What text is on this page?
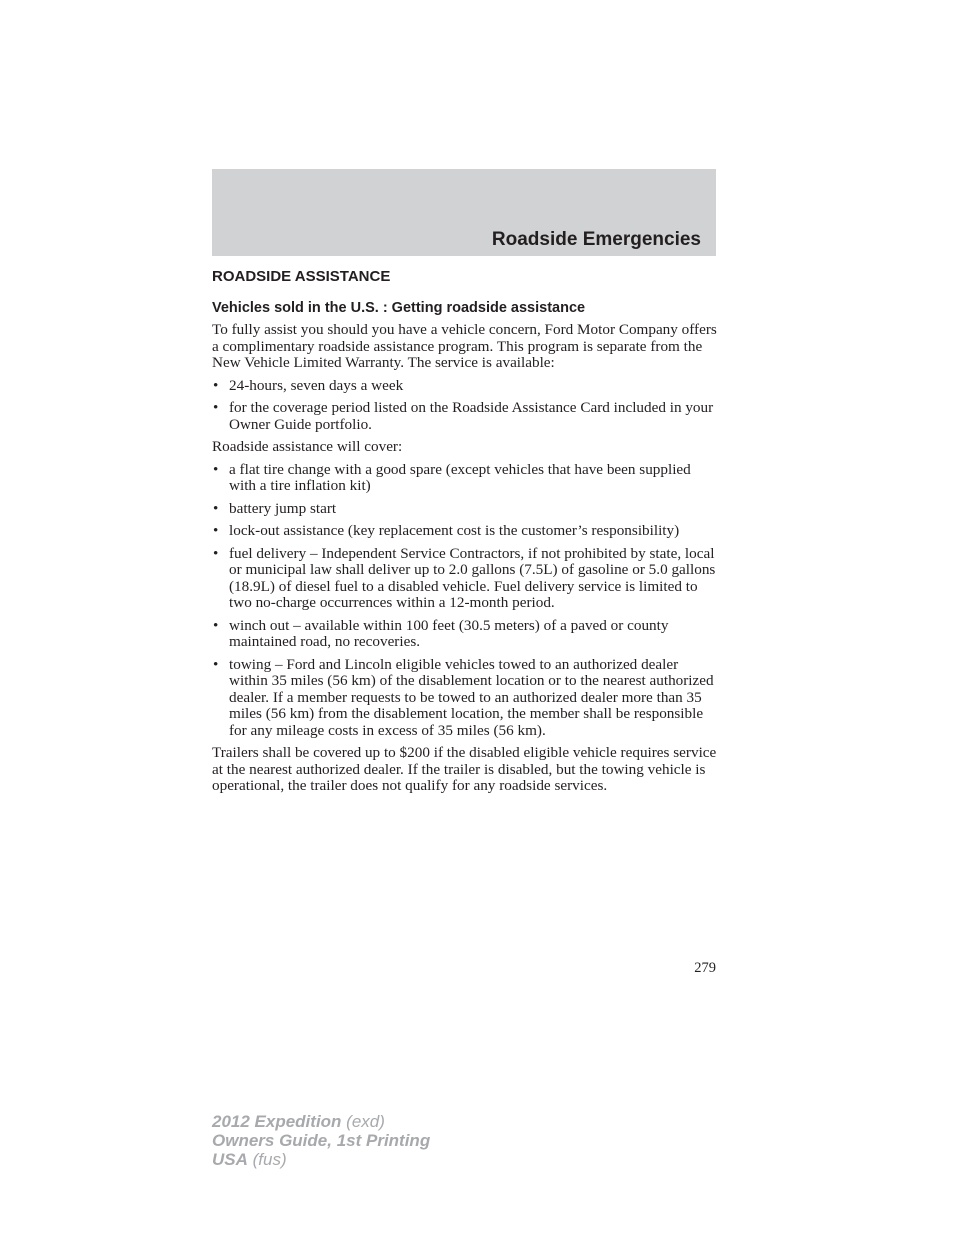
Roadside Emergencies
ROADSIDE ASSISTANCE
Vehicles sold in the U.S. : Getting roadside assistance

To fully assist you should you have a vehicle concern, Ford Motor Company offers a complimentary roadside assistance program. This program is separate from the New Vehicle Limited Warranty. The service is available:

• 24-hours, seven days a week
• for the coverage period listed on the Roadside Assistance Card included in your Owner Guide portfolio.

Roadside assistance will cover:

• a flat tire change with a good spare (except vehicles that have been supplied with a tire inflation kit)
• battery jump start
• lock-out assistance (key replacement cost is the customer’s responsibility)
• fuel delivery – Independent Service Contractors, if not prohibited by state, local or municipal law shall deliver up to 2.0 gallons (7.5L) of gasoline or 5.0 gallons (18.9L) of diesel fuel to a disabled vehicle. Fuel delivery service is limited to two no-charge occurrences within a 12-month period.
• winch out – available within 100 feet (30.5 meters) of a paved or county maintained road, no recoveries.
• towing – Ford and Lincoln eligible vehicles towed to an authorized dealer within 35 miles (56 km) of the disablement location or to the nearest authorized dealer. If a member requests to be towed to an authorized dealer more than 35 miles (56 km) from the disablement location, the member shall be responsible for any mileage costs in excess of 35 miles (56 km).

Trailers shall be covered up to $200 if the disabled eligible vehicle requires service at the nearest authorized dealer. If the trailer is disabled, but the towing vehicle is operational, the trailer does not qualify for any roadside services.

279
2012 Expedition (exd)
Owners Guide, 1st Printing
USA (fus)
